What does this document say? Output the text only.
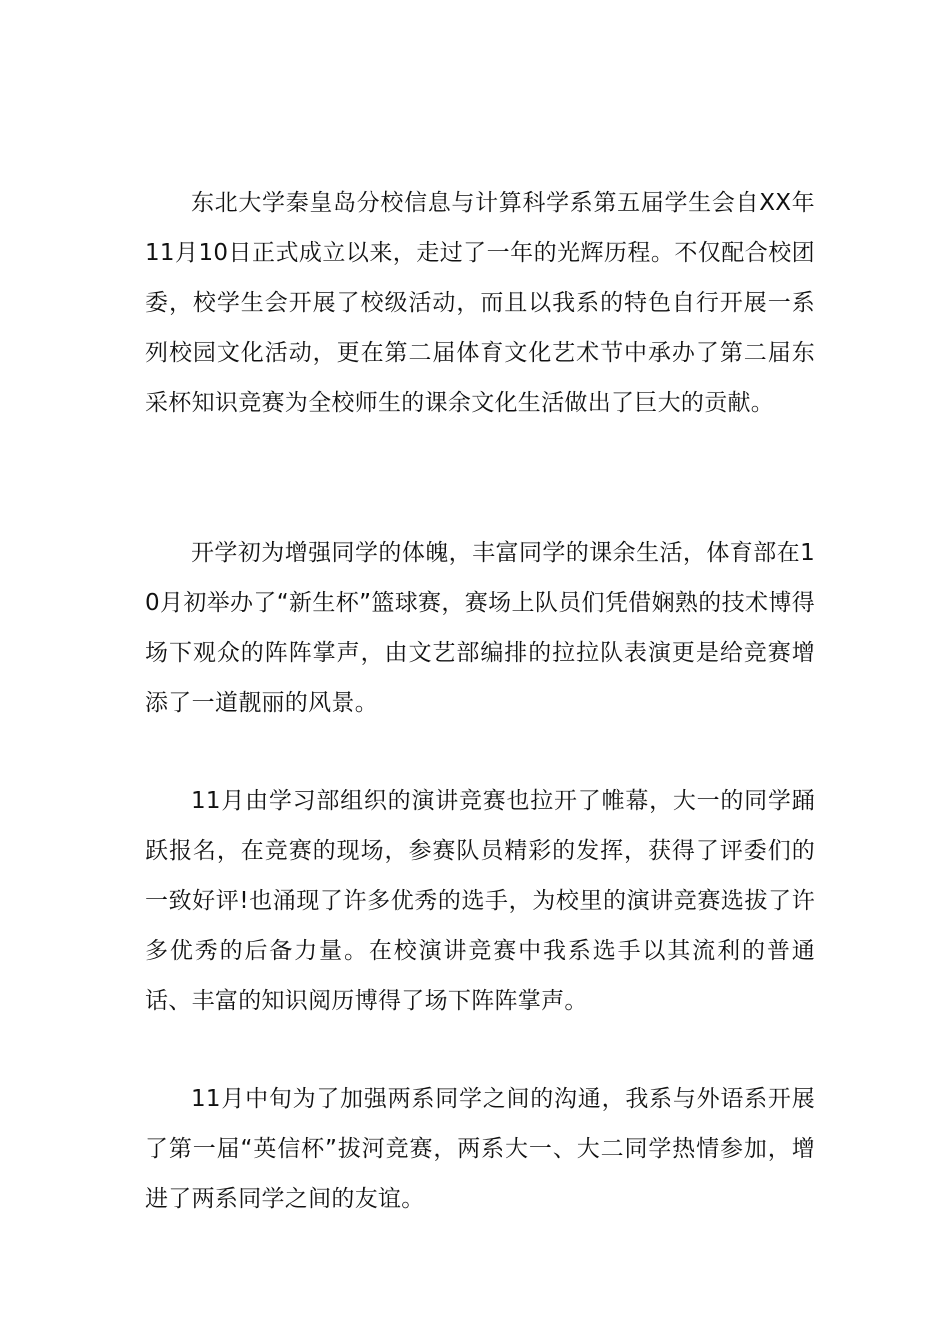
东北大学秦皇岛分校信息与计算科学系第五届学生会自XX年11月10日正式成立以来，走过了一年的光辉历程。不仅配合校团委，校学生会开展了校级活动，而且以我系的特色自行开展一系列校园文化活动，更在第二届体育文化艺术节中承办了第二届东采杯知识竞赛为全校师生的课余文化生活做出了巨大的贡献。

开学初为增强同学的体魄，丰富同学的课余生活，体育部在10月初举办了“新生杯”篮球赛，赛场上队员们凭借娴熟的技术博得场下观众的阵阵掌声，由文艺部编排的拉拉队表演更是给竞赛增添了一道靓丽的风景。

11月由学习部组织的演讲竞赛也拉开了帷幕，大一的同学踊跃报名，在竞赛的现场，参赛队员精彩的发挥，获得了评委们的一致好评!也涌现了许多优秀的选手，为校里的演讲竞赛选拔了许多优秀的后备力量。在校演讲竞赛中我系选手以其流利的普通话、丰富的知识阅历博得了场下阵阵掌声。

11月中旬为了加强两系同学之间的沟通，我系与外语系开展了第一届“英信杯”拔河竞赛，两系大一、大二同学热情参加，增进了两系同学之间的友谊。
